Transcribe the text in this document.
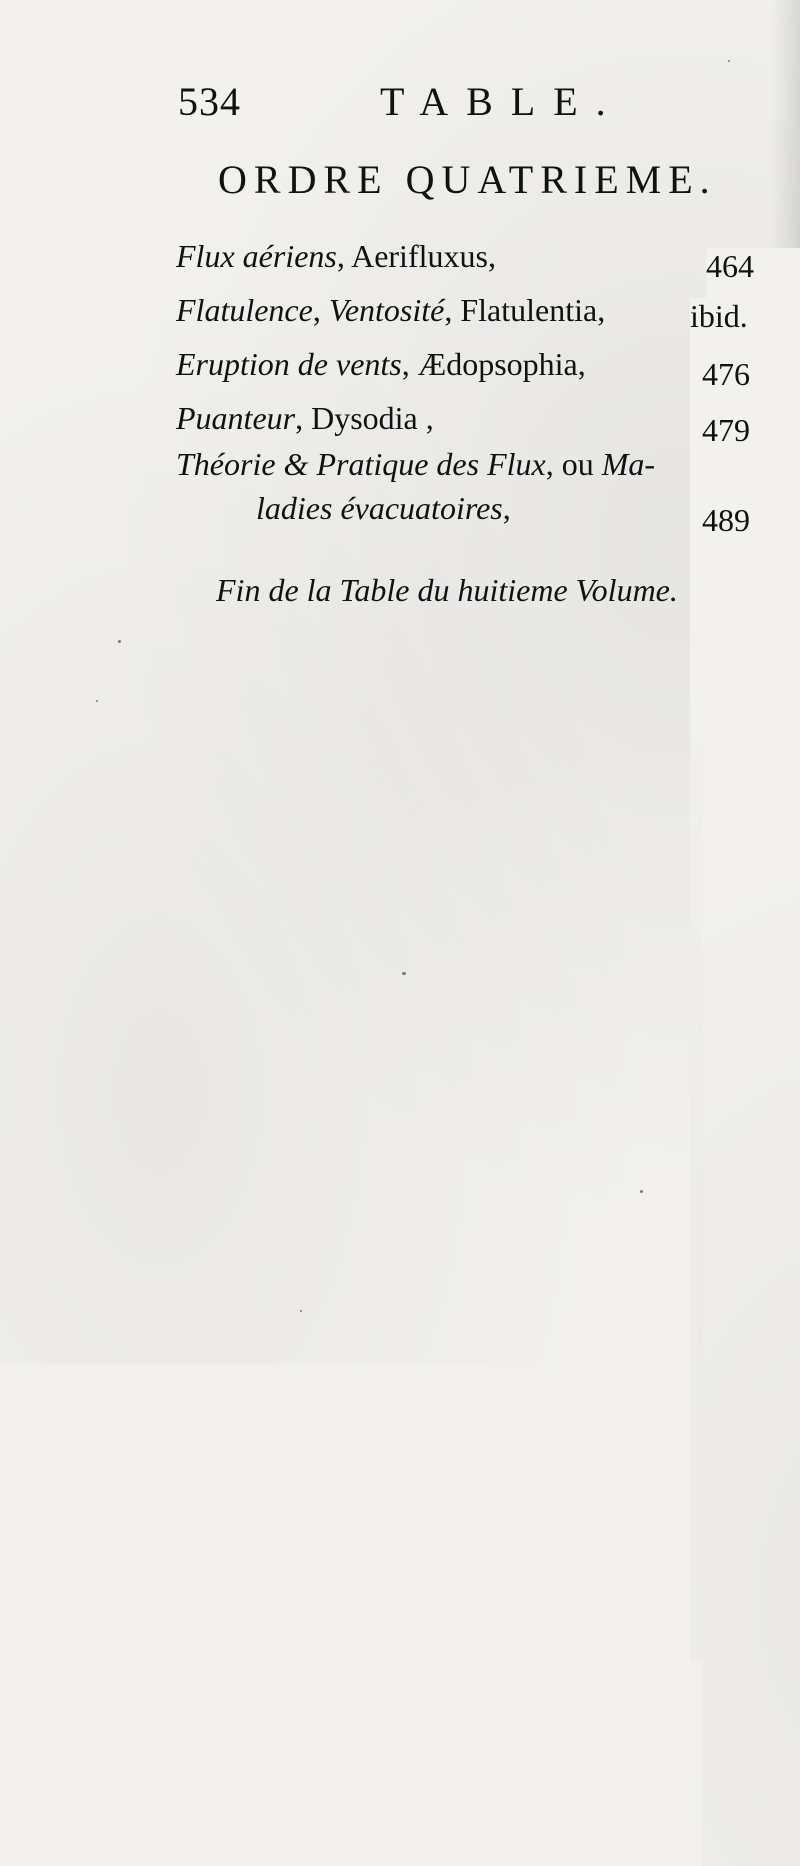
534	TABLE.
ORDRE QUATRIEME.
Flux aériens, Aerifluxus,	464
Flatulence, Ventosité, Flatulentia,	ibid.
Eruption de vents, Ædopsophia,	476
Puanteur, Dysodia ,	479
Théorie & Pratique des Flux, ou Ma-
ladies évacuatoires,	489
Fin de la Table du huitieme Volume.
